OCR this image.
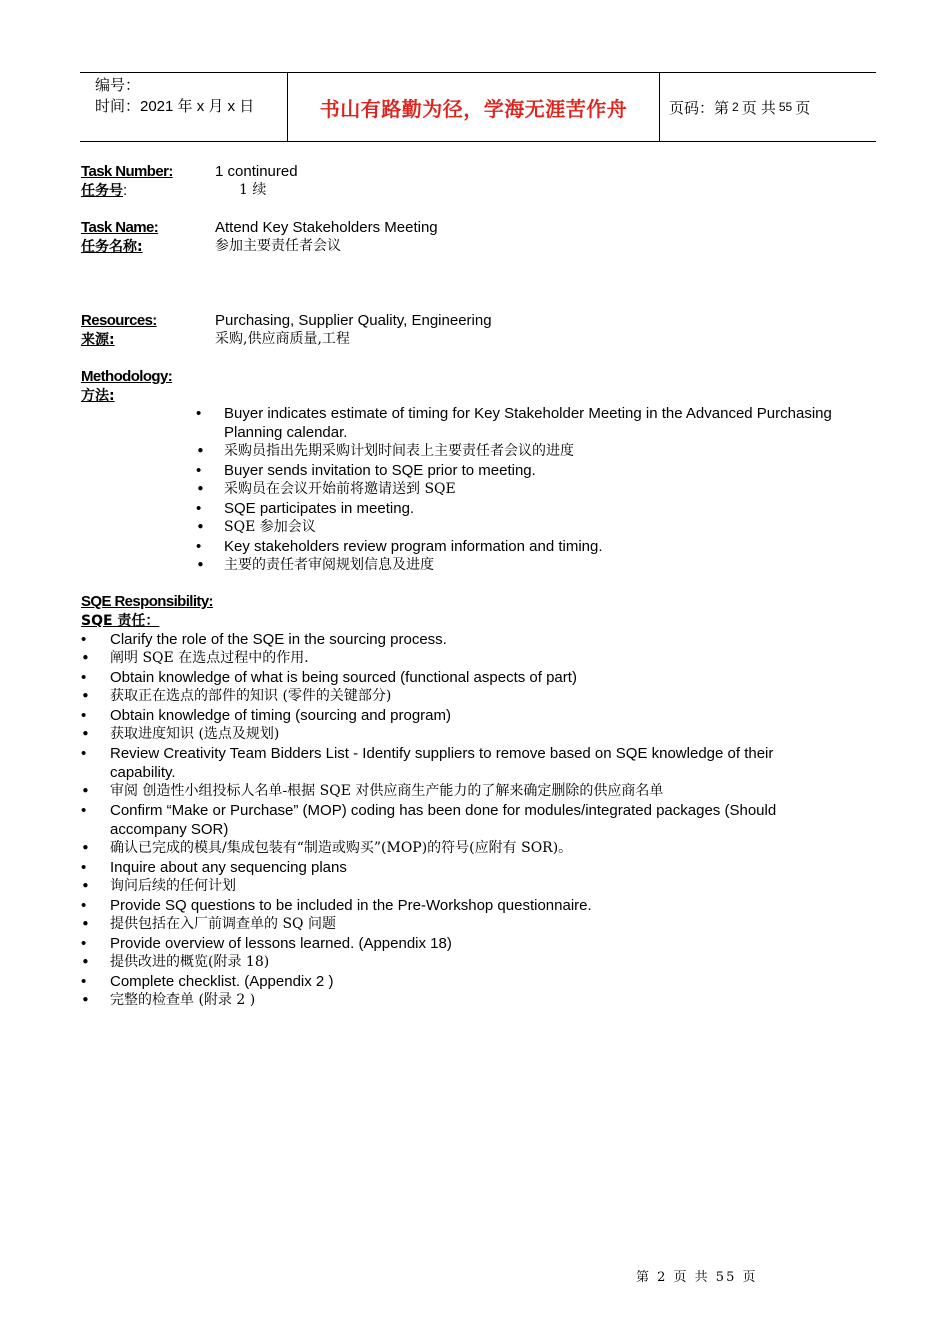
编号：
时间：2021 年 x 月 x 日	书山有路勤为径，学海无涯苦作舟	页码：第 2 页 共 55 页
Task Number:	1 continured
任务号:	1 续
Task Name:	Attend Key Stakeholders Meeting
任务名称:	参加主要责任者会议
Resources:	Purchasing, Supplier Quality, Engineering
来源:	采购,供应商质量,工程
Methodology:
方法:
• Buyer indicates estimate of timing for Key Stakeholder Meeting in the Advanced Purchasing Planning calendar.
• 采购员指出先期采购计划时间表上主要责任者会议的进度
• Buyer sends invitation to SQE prior to meeting.
• 采购员在会议开始前将邀请送到 SQE
• SQE participates in meeting.
• SQE 参加会议
• Key stakeholders review program information and timing.
• 主要的责任者审阅规划信息及进度
SQE Responsibility:
SQE 责任：
• Clarify the role of the SQE in the sourcing process.
• 阐明 SQE 在选点过程中的作用.
• Obtain knowledge of what is being sourced (functional aspects of part)
• 获取正在选点的部件的知识 (零件的关键部分)
• Obtain knowledge of timing (sourcing and program)
• 获取进度知识 (选点及规划)
• Review Creativity Team Bidders List - Identify suppliers to remove based on SQE knowledge of their capability.
• 审阅 创造性小组投标人名单-根据 SQE 对供应商生产能力的了解来确定删除的供应商名单
• Confirm “Make or Purchase” (MOP) coding has been done for modules/integrated packages (Should accompany SOR)
• 确认已完成的模具/集成包装有“制造或购买”(MOP)的符号(应附有 SOR)。
• Inquire about any sequencing plans
• 询问后续的任何计划
• Provide SQ questions to be included in the Pre-Workshop questionnaire.
• 提供包括在入厂前调查单的 SQ 问题
• Provide overview of lessons learned. (Appendix 18)
• 提供改进的概览(附录 18)
• Complete checklist. (Appendix 2 )
• 完整的检查单 (附录 2 )
第 2 页 共 55 页
